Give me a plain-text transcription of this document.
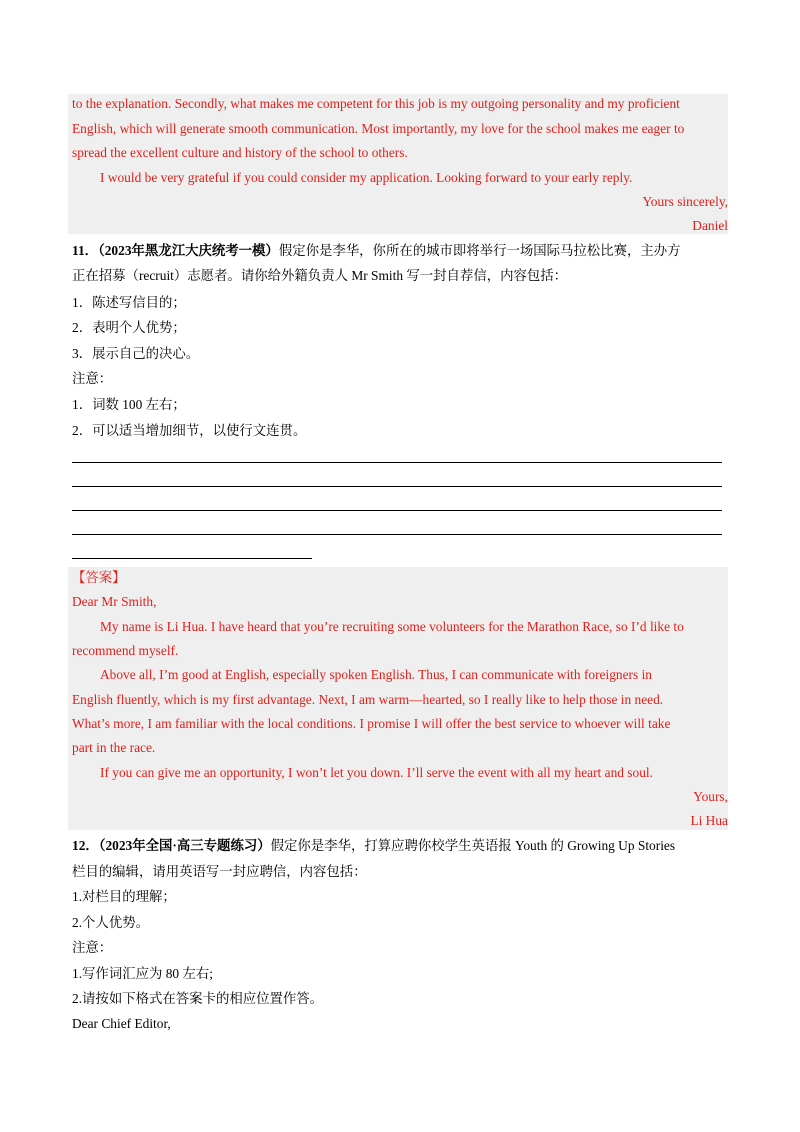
to the explanation. Secondly, what makes me competent for this job is my outgoing personality and my proficient
English, which will generate smooth communication. Most importantly, my love for the school makes me eager to
spread the excellent culture and history of the school to others.
I would be very grateful if you could consider my application. Looking forward to your early reply.
Yours sincerely,
Daniel
11．（2023年黑龙江大庆统考一模）假定你是李华，你所在的城市即将举行一场国际马拉松比赛，主办方
正在招募（recruit）志愿者。请你给外籍负责人 Mr Smith 写一封自荐信，内容包括：
1．陈述写信目的；
2．表明个人优势；
3．展示自己的决心。
注意：
1．词数 100 左右；
2．可以适当增加细节，以使行文连贯。
【答案】
Dear Mr Smith,
My name is Li Hua. I have heard that you’re recruiting some volunteers for the Marathon Race, so I’d like to
recommend myself.
Above all, I’m good at English, especially spoken English. Thus, I can communicate with foreigners in
English fluently, which is my first advantage. Next, I am warm—hearted, so I really like to help those in need.
What’s more, I am familiar with the local conditions. I promise I will offer the best service to whoever will take
part in the race.
If you can give me an opportunity, I won’t let you down. I’ll serve the event with all my heart and soul.
Yours,
Li Hua
12．（2023年全国·高三专题练习）假定你是李华，打算应聘你校学生英语报 Youth 的 Growing Up Stories
栏目的编辑，请用英语写一封应聘信，内容包括：
1.对栏目的理解；
2.个人优势。
注意：
1.写作词汇应为 80 左右;
2.请按如下格式在答案卡的相应位置作答。
Dear Chief Editor,
